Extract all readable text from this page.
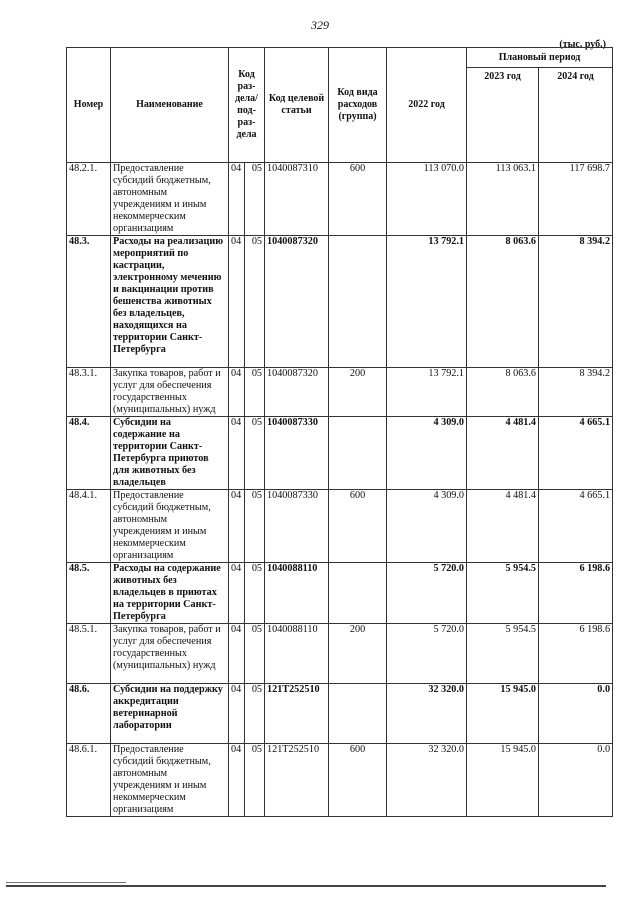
329
(тыс. руб.)
Номер	Наименование	Код раз- дела/ под- раз- дела		Код целевой статьи	Код вида расходов (группа)	2022 год	Плановый период	
							2023 год	2024 год
48.2.1.	Предоставление субсидий бюджетным, автономным учреждениям и иным некоммерческим организациям	04	05	1040087310	600	113 070.0	113 063.1	117 698.7
48.3.	Расходы на реализацию мероприятий по кастрации, электронному мечению и вакцинации против бешенства животных без владельцев, находящихся на территории Санкт-Петербурга	04	05	1040087320		13 792.1	8 063.6	8 394.2
48.3.1.	Закупка товаров, работ и услуг для обеспечения государственных (муниципальных) нужд	04	05	1040087320	200	13 792.1	8 063.6	8 394.2
48.4.	Субсидии на содержание на территории Санкт-Петербурга приютов для животных без владельцев	04	05	1040087330		4 309.0	4 481.4	4 665.1
48.4.1.	Предоставление субсидий бюджетным, автономным учреждениям и иным некоммерческим организациям	04	05	1040087330	600	4 309.0	4 481.4	4 665.1
48.5.	Расходы на содержание животных без владельцев в приютах на территории Санкт-Петербурга	04	05	1040088110		5 720.0	5 954.5	6 198.6
48.5.1.	Закупка товаров, работ и услуг для обеспечения государственных (муниципальных) нужд	04	05	1040088110	200	5 720.0	5 954.5	6 198.6
48.6.	Субсидии на поддержку аккредитации ветеринарной лаборатории	04	05	121Т252510		32 320.0	15 945.0	0.0
48.6.1.	Предоставление субсидий бюджетным, автономным учреждениям и иным некоммерческим организациям	04	05	121Т252510	600	32 320.0	15 945.0	0.0
